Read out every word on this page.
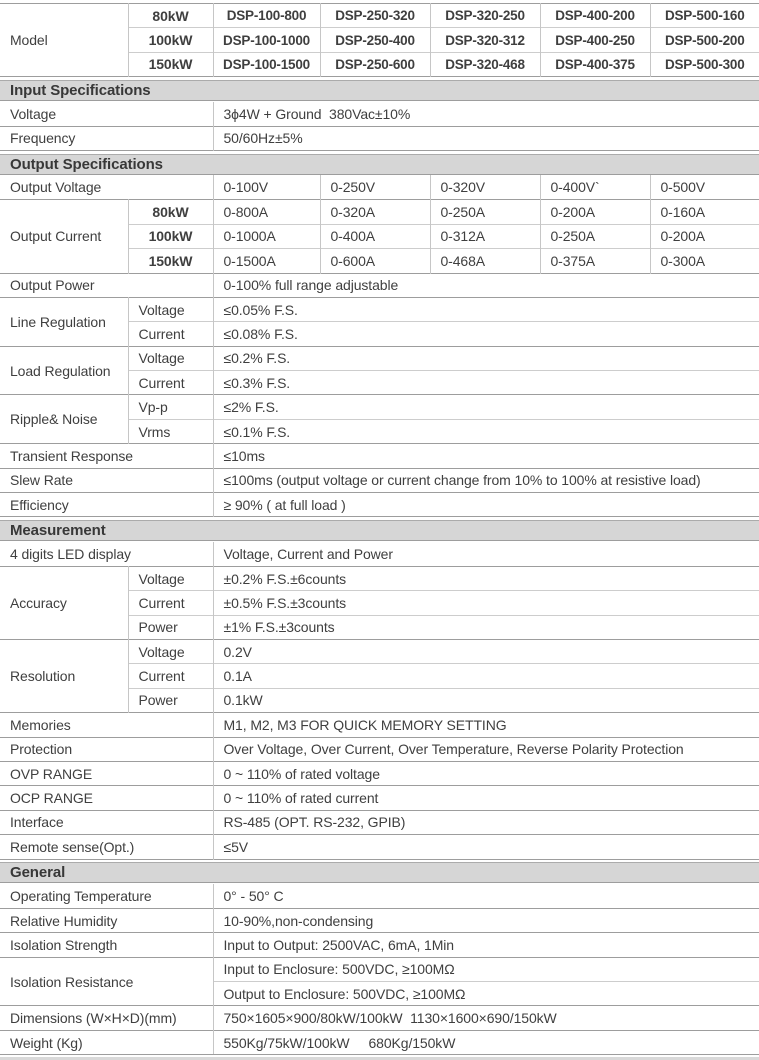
Model	80kW	DSP-100-800	DSP-250-320	DSP-320-250	DSP-400-200	DSP-500-160
	100kW	DSP-100-1000	DSP-250-400	DSP-320-312	DSP-400-250	DSP-500-200
	150kW	DSP-100-1500	DSP-250-600	DSP-320-468	DSP-400-375	DSP-500-300

Input Specifications						

Voltage		3ϕ4W + Ground  380Vac±10%				
Frequency		50/60Hz±5%				

Output Specifications						

Output Voltage		0-100V	0-250V	0-320V	0-400V`	0-500V
Output Current	80kW	0-800A	0-320A	0-250A	0-200A	0-160A
	100kW	0-1000A	0-400A	0-312A	0-250A	0-200A
	150kW	0-1500A	0-600A	0-468A	0-375A	0-300A
Output Power		0-100% full range adjustable				
Line Regulation	Voltage	≤0.05% F.S.				
	Current	≤0.08% F.S.				
Load Regulation	Voltage	≤0.2% F.S.				
	Current	≤0.3% F.S.				
Ripple& Noise	Vp-p	≤2% F.S.				
	Vrms	≤0.1% F.S.				
Transient Response		≤10ms				
Slew Rate		≤100ms (output voltage or current change from 10% to 100% at resistive load)				
Efficiency		≥ 90% ( at full load )				

Measurement						

4 digits LED display		Voltage, Current and Power				
Accuracy	Voltage	±0.2% F.S.±6counts				
	Current	±0.5% F.S.±3counts				
	Power	±1% F.S.±3counts				
Resolution	Voltage	0.2V				
	Current	0.1A				
	Power	0.1kW				
Memories		M1, M2, M3 FOR QUICK MEMORY SETTING				
Protection		Over Voltage, Over Current, Over Temperature, Reverse Polarity Protection				
OVP RANGE		0 ~ 110% of rated voltage				
OCP RANGE		0 ~ 110% of rated current				
Interface		RS-485 (OPT. RS-232, GPIB)				
Remote sense(Opt.)		≤5V				

General						

Operating Temperature		0° - 50° C				
Relative Humidity		10-90%,non-condensing				
Isolation Strength		Input to Output: 2500VAC, 6mA, 1Min				
Isolation Resistance		Input to Enclosure: 500VDC, ≥100MΩ				
		Output to Enclosure: 500VDC, ≥100MΩ				
Dimensions (W×H×D)(mm)		750×1605×900/80kW/100kW  1130×1600×690/150kW				
Weight (Kg)		550Kg/75kW/100kW     680Kg/150kW				
